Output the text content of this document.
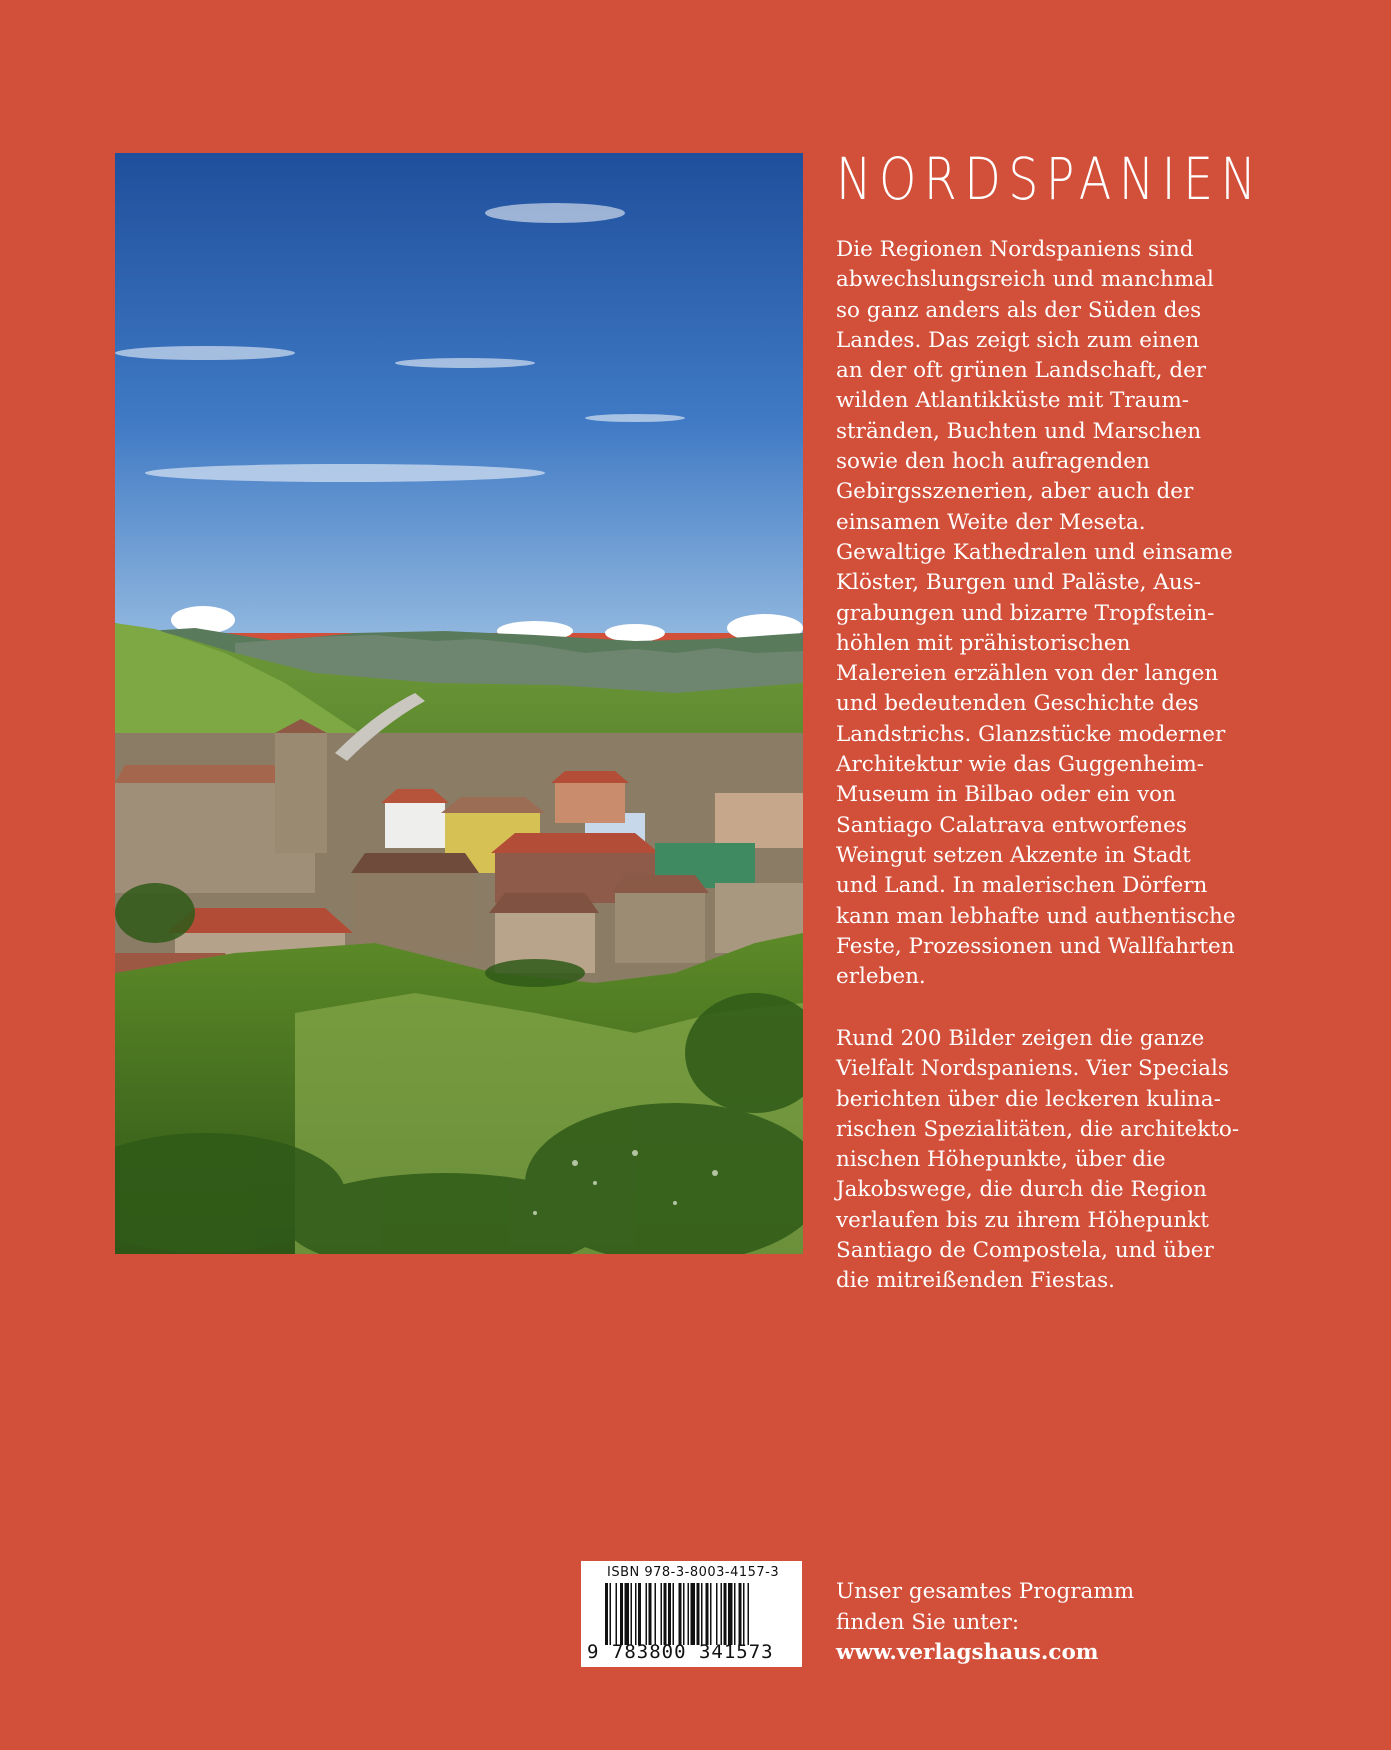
NORDSPANIEN
Die Regionen Nordspaniens sind
abwechslungsreich und manchmal
so ganz anders als der Süden des
Landes. Das zeigt sich zum einen
an der oft grünen Landschaft, der
wilden Atlantikküste mit Traum-
stränden, Buchten und Marschen
sowie den hoch aufragenden
Gebirgsszenerien, aber auch der
einsamen Weite der Meseta.
Gewaltige Kathedralen und einsame
Klöster, Burgen und Paläste, Aus-
grabungen und bizarre Tropfstein-
höhlen mit prähistorischen
Malereien erzählen von der langen
und bedeutenden Geschichte des
Landstrichs. Glanzstücke moderner
Architektur wie das Guggenheim-
Museum in Bilbao oder ein von
Santiago Calatrava entworfenes
Weingut setzen Akzente in Stadt
und Land. In malerischen Dörfern
kann man lebhafte und authentische
Feste, Prozessionen und Wallfahrten
erleben.
Rund 200 Bilder zeigen die ganze
Vielfalt Nordspaniens. Vier Specials
berichten über die leckeren kulina-
rischen Spezialitäten, die architekto-
nischen Höhepunkte, über die
Jakobswege, die durch die Region
verlaufen bis zu ihrem Höhepunkt
Santiago de Compostela, und über
die mitreißenden Fiestas.
ISBN 978-3-8003-4157-3
9 783800 341573
Unser gesamtes Programm
finden Sie unter:
www.verlagshaus.com
